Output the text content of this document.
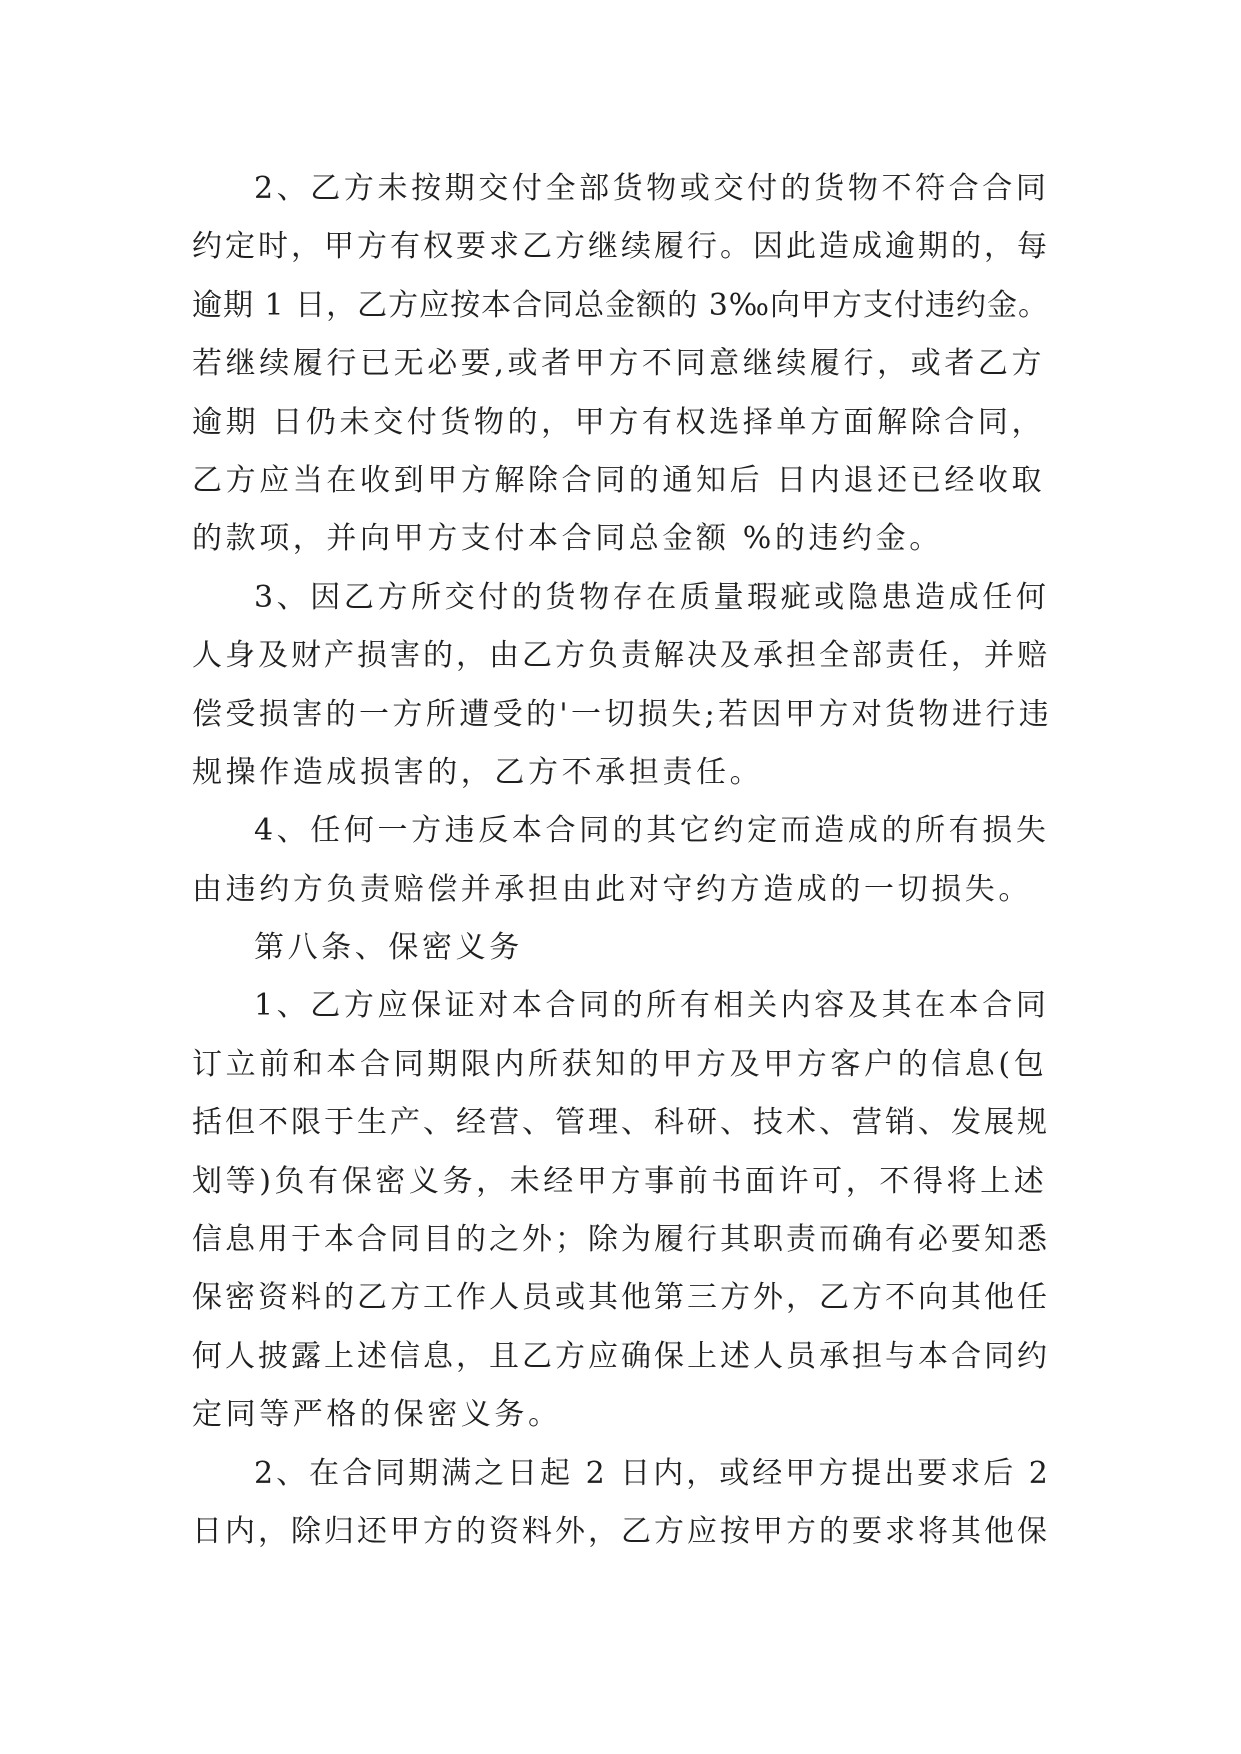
2、乙方未按期交付全部货物或交付的货物不符合合同
约定时，甲方有权要求乙方继续履行。因此造成逾期的，每
逾期 1 日，乙方应按本合同总金额的 3‰向甲方支付违约金。
若继续履行已无必要,或者甲方不同意继续履行，或者乙方
逾期 日仍未交付货物的，甲方有权选择单方面解除合同，
乙方应当在收到甲方解除合同的通知后 日内退还已经收取
的款项，并向甲方支付本合同总金额 %的违约金。
3、因乙方所交付的货物存在质量瑕疵或隐患造成任何
人身及财产损害的，由乙方负责解决及承担全部责任，并赔
偿受损害的一方所遭受的'一切损失;若因甲方对货物进行违
规操作造成损害的，乙方不承担责任。
4、任何一方违反本合同的其它约定而造成的所有损失
由违约方负责赔偿并承担由此对守约方造成的一切损失。
第八条、保密义务
1、乙方应保证对本合同的所有相关内容及其在本合同
订立前和本合同期限内所获知的甲方及甲方客户的信息(包
括但不限于生产、经营、管理、科研、技术、营销、发展规
划等)负有保密义务，未经甲方事前书面许可，不得将上述
信息用于本合同目的之外；除为履行其职责而确有必要知悉
保密资料的乙方工作人员或其他第三方外，乙方不向其他任
何人披露上述信息，且乙方应确保上述人员承担与本合同约
定同等严格的保密义务。
2、在合同期满之日起 2 日内，或经甲方提出要求后 2
日内，除归还甲方的资料外，乙方应按甲方的要求将其他保
